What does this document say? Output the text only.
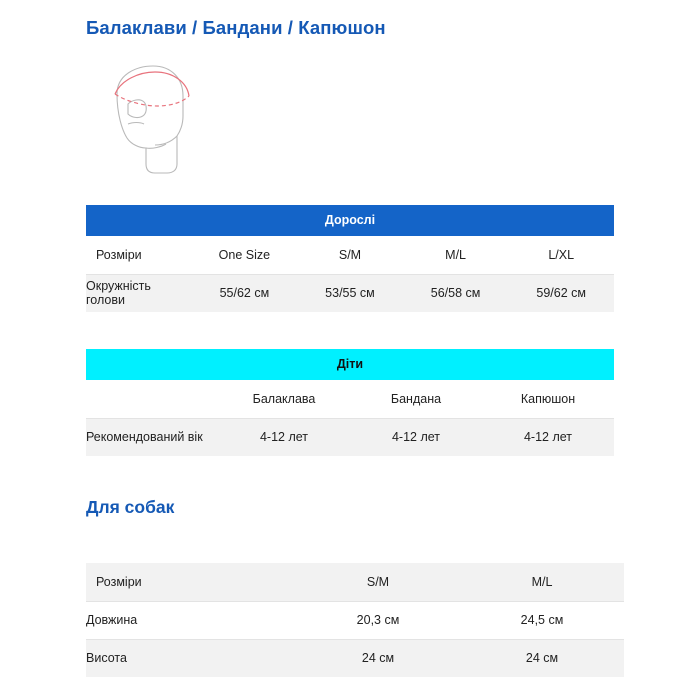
Балаклави / Бандани / Капюшон
Дорослі				
Розміри	One Size	S/M	M/L	L/XL
Окружність голови	55/62 см	53/55 см	56/58 см	59/62 см
Діти			
	Балаклава	Бандана	Капюшон
Рекомендований вік	4-12 лет	4-12 лет	4-12 лет
Для собак
Розміри	S/M	M/L
Довжина	20,3 см	24,5 см
Висота	24 см	24 см
